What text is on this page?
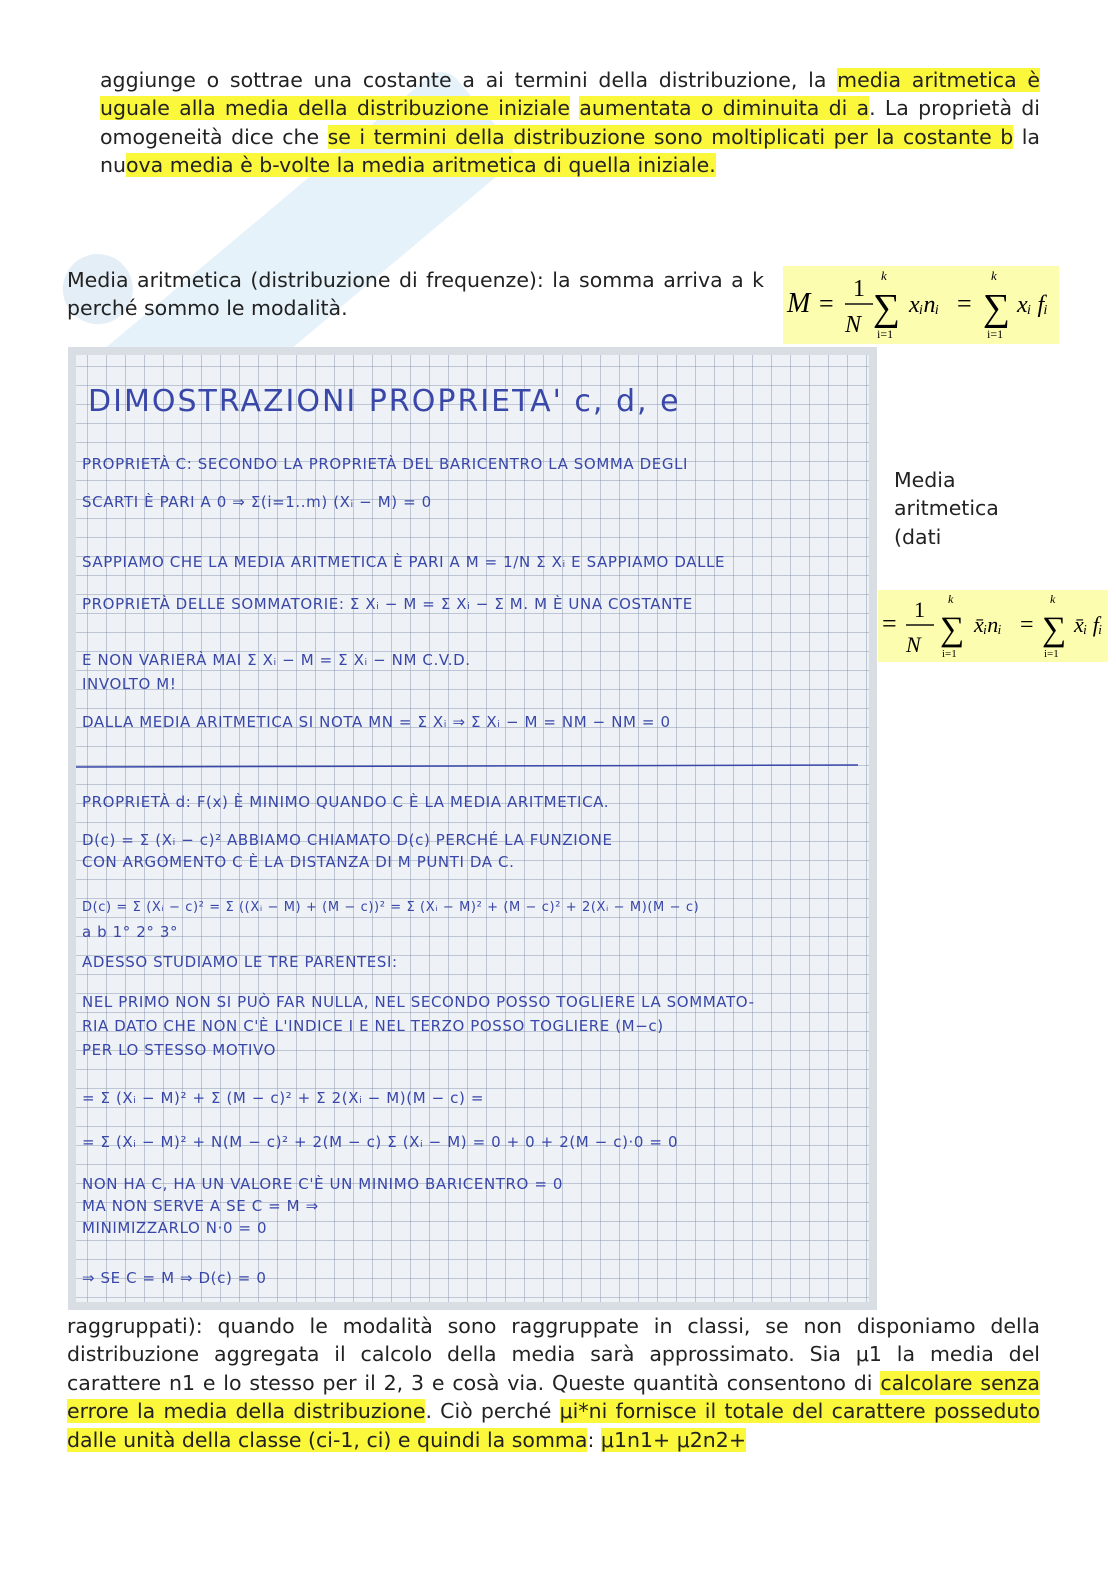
aggiunge o sottrae una costante a ai termini della distribuzione, la media aritmetica è uguale alla media della distribuzione iniziale aumentata o diminuita di a. La proprietà di omogeneità dice che se i termini della distribuzione sono moltiplicati per la costante b la nuova media è b-volte la media aritmetica di quella iniziale.
Media aritmetica (distribuzione di frequenze): la somma arriva a k perché sommo le modalità.	M = 1
N
k
∑
i=1
xᵢnᵢ =
k
∑
i=1
xᵢ fᵢ
DIMOSTRAZIONI PROPRIETA' c, d, e
PROPRIETÀ C: SECONDO LA PROPRIETÀ DEL BARICENTRO LA SOMMA DEGLI
SCARTI È PARI A 0 ⇒ Σ(i=1..m) (Xᵢ − M) = 0
SAPPIAMO CHE LA MEDIA ARITMETICA È PARI A M = 1/N Σ Xᵢ E SAPPIAMO DALLE
PROPRIETÀ DELLE SOMMATORIE: Σ Xᵢ − M = Σ Xᵢ − Σ M. M È UNA COSTANTE
E NON VARIERÀ MAI Σ Xᵢ − M = Σ Xᵢ − NM C.V.D.
INVOLTO M!
DALLA MEDIA ARITMETICA SI NOTA MN = Σ Xᵢ ⇒ Σ Xᵢ − M = NM − NM = 0
PROPRIETÀ d: F(x) È MINIMO QUANDO C È LA MEDIA ARITMETICA.
D(c) = Σ (Xᵢ − c)² ABBIAMO CHIAMATO D(c) PERCHÉ LA FUNZIONE
CON ARGOMENTO C È LA DISTANZA DI M PUNTI DA C.
D(c) = Σ (Xᵢ − c)² = Σ ((Xᵢ − M) + (M − c))² = Σ (Xᵢ − M)² + (M − c)² + 2(Xᵢ − M)(M − c)
a b 1° 2° 3°
ADESSO STUDIAMO LE TRE PARENTESI:
NEL PRIMO NON SI PUÒ FAR NULLA, NEL SECONDO POSSO TOGLIERE LA SOMMATO-
RIA DATO CHE NON C'È L'INDICE I E NEL TERZO POSSO TOGLIERE (M−c)
PER LO STESSO MOTIVO
= Σ (Xᵢ − M)² + Σ (M − c)² + Σ 2(Xᵢ − M)(M − c) =
= Σ (Xᵢ − M)² + N(M − c)² + 2(M − c) Σ (Xᵢ − M) = 0 + 0 + 2(M − c)·0 = 0
NON HA C, HA UN VALORE C'È UN MINIMO BARICENTRO = 0
MA NON SERVE A SE C = M ⇒
MINIMIZZARLO N·0 = 0
⇒ SE C = M ⇒ D(c) = 0
Media aritmetica (dati
= 1
N
k
∑
i=1
x̄ᵢnᵢ =
k
∑
i=1
x̄ᵢ fᵢ
raggruppati): quando le modalità sono raggruppate in classi, se non disponiamo della distribuzione aggregata il calcolo della media sarà approssimato. Sia μ1 la media del carattere n1 e lo stesso per il 2, 3 e cosà via. Queste quantità consentono di calcolare senza errore la media della distribuzione. Ciò perché μi*ni fornisce il totale del carattere posseduto dalle unità della classe (ci-1, ci) e quindi la somma: μ1n1+ μ2n2+
